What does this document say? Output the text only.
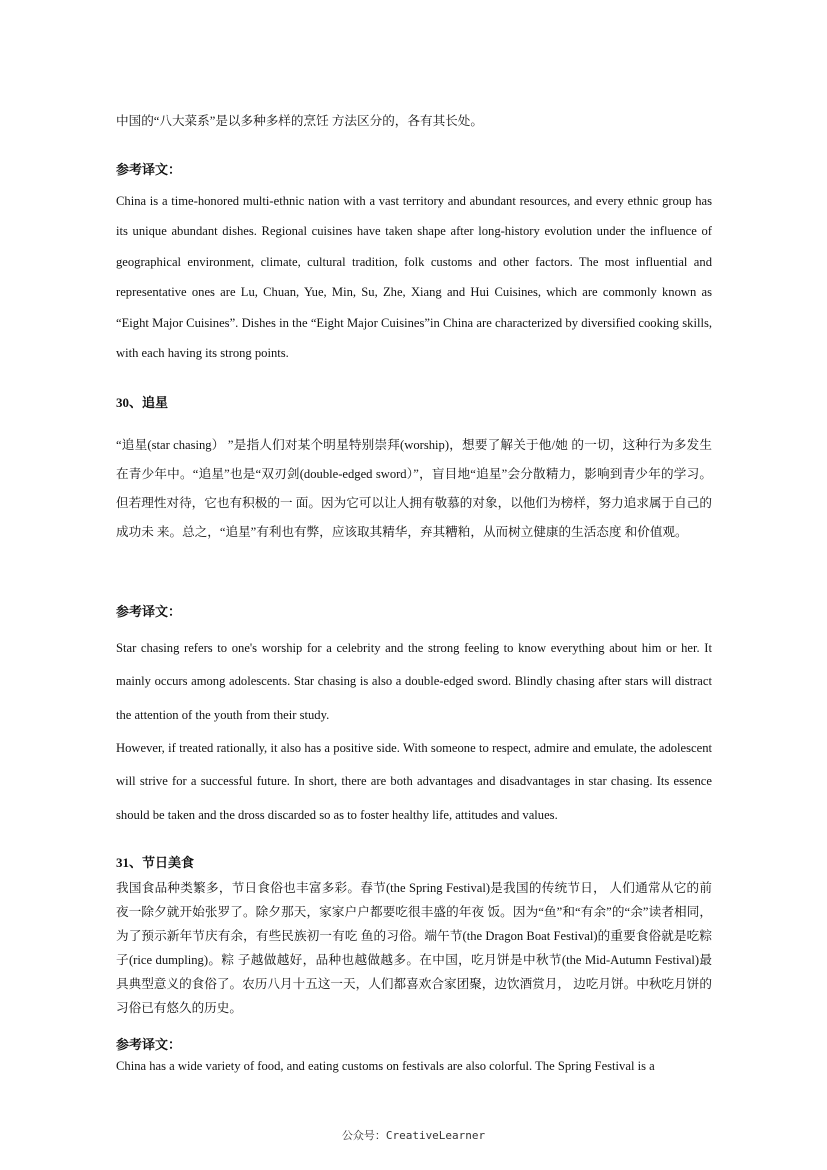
中国的“八大菜系”是以多种多样的烹饪 方法区分的，各有其长处。

参考译文：

China is a time-honored multi-ethnic nation with a vast territory and abundant resources, and every ethnic group has its unique abundant dishes. Regional cuisines have taken shape after long-history evolution under the influence of geographical environment, climate, cultural tradition, folk customs and other factors. The most influential and representative ones are Lu, Chuan, Yue, Min, Su, Zhe, Xiang and Hui Cuisines, which are commonly known as “Eight Major Cuisines”. Dishes in the “Eight Major Cuisines”in China are characterized by diversified cooking skills, with each having its strong points.

30、追星

“追星(star chasing） ”是指人们对某个明星特别崇拜(worship)，想要了解关于他/她 的一切，这种行为多发生在青少年中。“追星”也是“双刃剑(double-edged sword）”，盲目地“追星”会分散精力，影响到青少年的学习。但若理性对待，它也有积极的一 面。因为它可以让人拥有敬慕的对象，以他们为榜样，努力追求属于自己的成功未 来。总之，“追星”有利也有弊，应该取其精华，弃其糟粕，从而树立健康的生活态度 和价值观。

参考译文：

Star chasing refers to one's worship for a celebrity and the strong feeling to know everything about him or her. It mainly occurs among adolescents. Star chasing is also a double-edged sword. Blindly chasing after stars will distract the attention of the youth from their study.

However, if treated rationally, it also has a positive side. With someone to respect, admire and emulate, the adolescent will strive for a successful future. In short, there are both advantages and disadvantages in star chasing. Its essence should be taken and the dross discarded so as to foster healthy life, attitudes and values.

31、节日美食

我国食品种类繁多，节日食俗也丰富多彩。春节(the Spring Festival)是我国的传统节日， 人们通常从它的前夜一除夕就开始张罗了。除夕那天，家家户户都要吃很丰盛的年夜 饭。因为“鱼”和“有余”的“余”读者相同，为了预示新年节庆有余，有些民族初一有吃 鱼的习俗。端午节(the Dragon Boat Festival)的重要食俗就是吃粽子(rice dumpling)。粽 子越做越好，品种也越做越多。在中国，吃月饼是中秋节(the Mid-Autumn Festival)最 具典型意义的食俗了。农历八月十五这一天，人们都喜欢合家团聚，边饮酒赏月， 边吃月饼。中秋吃月饼的习俗已有悠久的历史。

参考译文：

China has a wide variety of food, and eating customs on festivals are also colorful. The Spring Festival is a

公众号：CreativeLearner
